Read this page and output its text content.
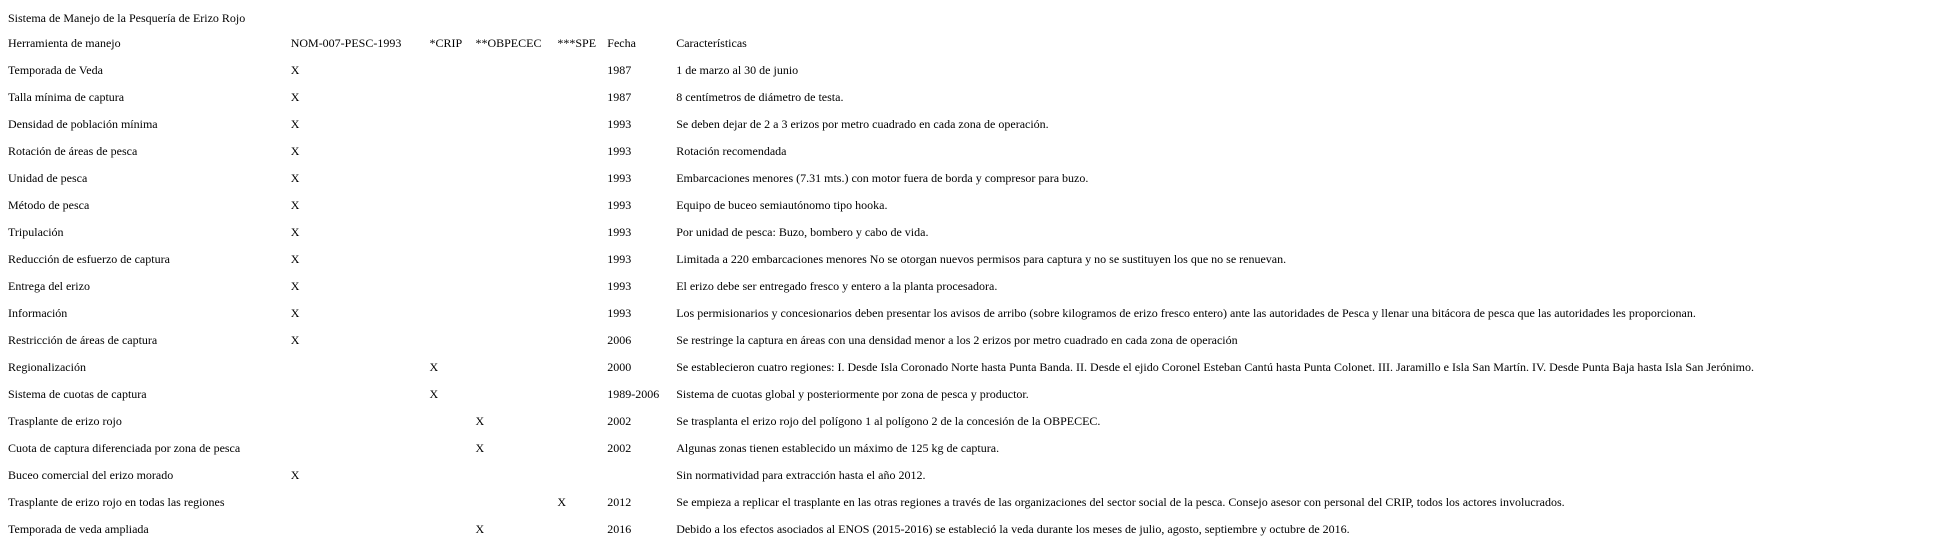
Sistema de Manejo de la Pesquería de Erizo Rojo
Herramienta de manejo	NOM-007-PESC-1993	*CRIP	**OBPECEC	***SPE	Fecha	Características
Temporada de Veda	X				1987	1 de marzo al 30 de junio
Talla mínima de captura	X				1987	8 centímetros de diámetro de testa.
Densidad de población mínima	X				1993	Se deben dejar de 2 a 3 erizos por metro cuadrado en cada zona de operación.
Rotación de áreas de pesca	X				1993	Rotación recomendada
Unidad de pesca	X				1993	Embarcaciones menores (7.31 mts.) con motor fuera de borda y compresor para buzo.
Método de pesca	X				1993	Equipo de buceo semiautónomo tipo hooka.
Tripulación	X				1993	Por unidad de pesca: Buzo, bombero y cabo de vida.
Reducción de esfuerzo de captura	X				1993	Limitada a 220 embarcaciones menores No se otorgan nuevos permisos para captura y no se sustituyen los que no se renuevan.
Entrega del erizo	X				1993	El erizo debe ser entregado fresco y entero a la planta procesadora.
Información	X				1993	Los permisionarios y concesionarios deben presentar los avisos de arribo (sobre kilogramos de erizo fresco entero) ante las autoridades de Pesca y llenar una bitácora de pesca que las autoridades les proporcionan.
Restricción de áreas de captura	X				2006	Se restringe la captura en áreas con una densidad menor a los 2 erizos por metro cuadrado en cada zona de operación
Regionalización		X			2000	Se establecieron cuatro regiones: I. Desde Isla Coronado Norte hasta Punta Banda. II. Desde el ejido Coronel Esteban Cantú hasta Punta Colonet. III. Jaramillo e Isla San Martín. IV. Desde Punta Baja hasta Isla San Jerónimo.
Sistema de cuotas de captura		X			1989-2006	Sistema de cuotas global y posteriormente por zona de pesca y productor.
Trasplante de erizo rojo			X		2002	Se trasplanta el erizo rojo del polígono 1 al polígono 2 de la concesión de la OBPECEC.
Cuota de captura diferenciada por zona de pesca			X		2002	Algunas zonas tienen establecido un máximo de 125 kg de captura.
Buceo comercial del erizo morado	X					Sin normatividad para extracción hasta el año 2012.
Trasplante de erizo rojo en todas las regiones				X	2012	Se empieza a replicar el trasplante en las otras regiones a través de las organizaciones del sector social de la pesca. Consejo asesor con personal del CRIP, todos los actores involucrados.
Temporada de veda ampliada			X		2016	Debido a los efectos asociados al ENOS (2015-2016) se estableció la veda durante los meses de julio, agosto, septiembre y octubre de 2016.
